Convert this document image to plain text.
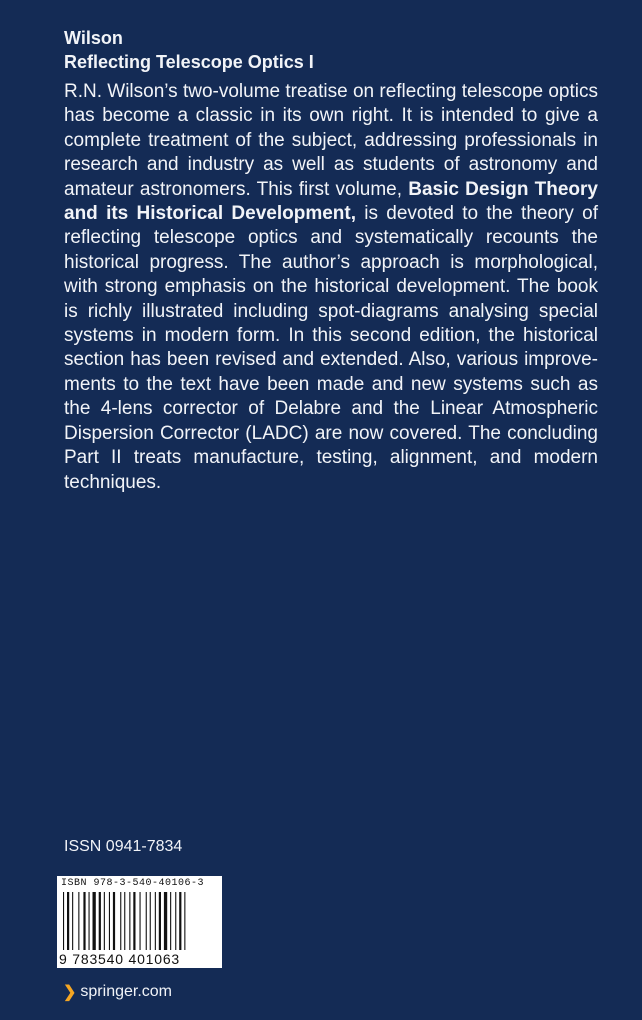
Wilson

Reflecting Telescope Optics I

R.N. Wilson’s two-volume treatise on reflecting telescope optics has become a classic in its own right. It is intended to give a complete treatment of the subject, addressing professionals in research and industry as well as students of astronomy and amateur astronomers. This first volume, Basic Design Theory and its Historical Development, is devoted to the theory of reflecting telescope optics and systematically recounts the historical progress. The author’s approach is morphological, with strong emphasis on the historical development. The book is richly illustrated including spot-diagrams analysing special systems in modern form. In this second edition, the historical section has been revised and extended. Also, various improvements to the text have been made and new systems such as the 4-lens corrector of Delabre and the Linear Atmospheric Dispersion Corrector (LADC) are now covered. The concluding Part II treats manufacture, testing, alignment, and modern techniques.

ISSN 0941-7834
ISBN 978-3-540-40106-3
9 783540 401063
❯ springer.com
